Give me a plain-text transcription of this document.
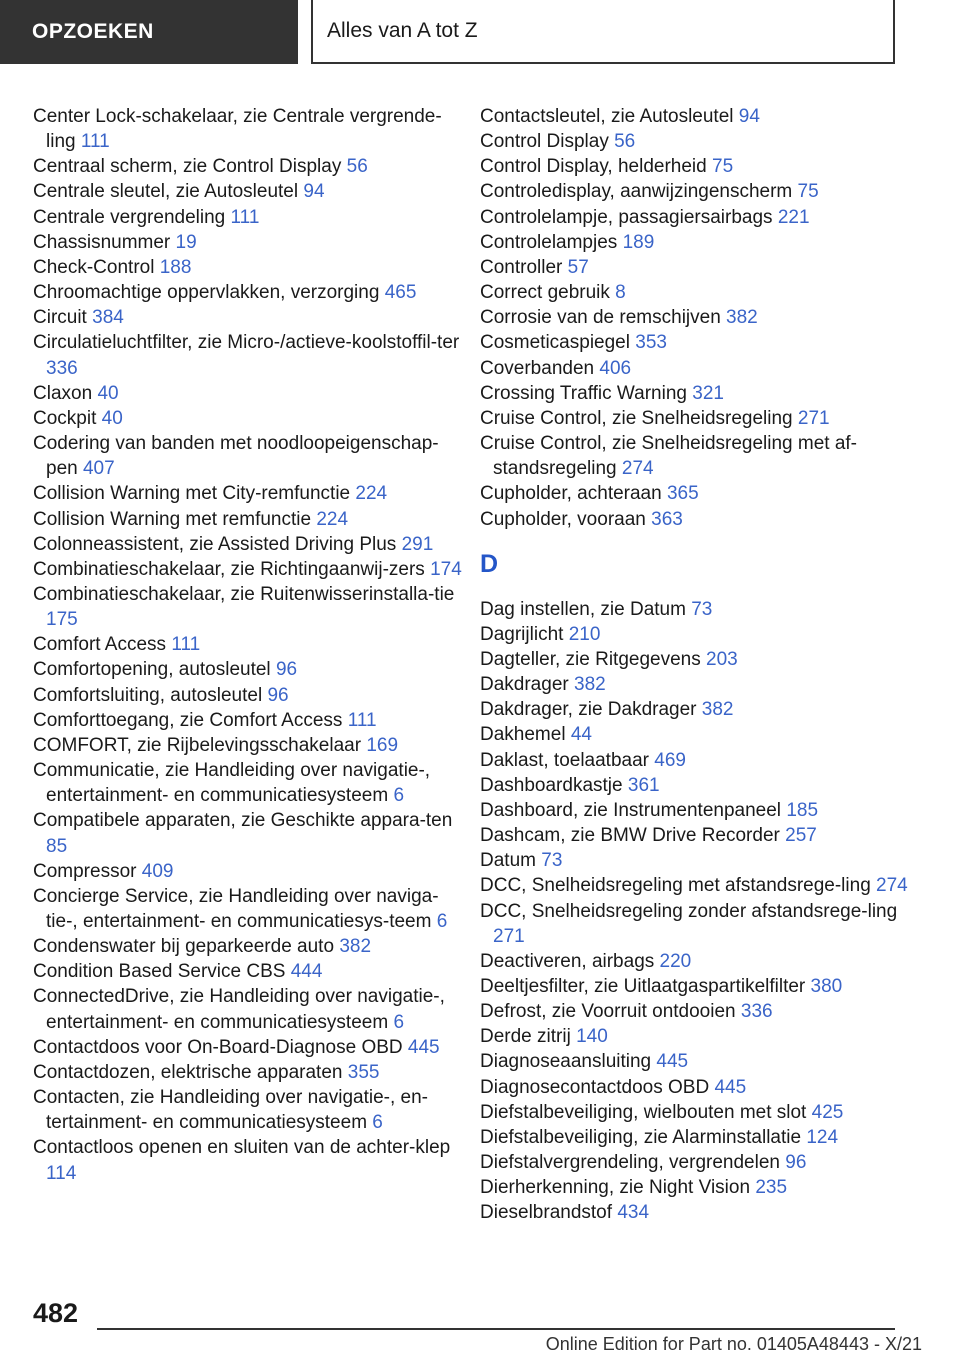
OPZOEKEN	Alles van A tot Z
Center Lock-schakelaar, zie Centrale vergrende-ling 111
Centraal scherm, zie Control Display 56
Centrale sleutel, zie Autosleutel 94
Centrale vergrendeling 111
Chassisnummer 19
Check-Control 188
Chroomachtige oppervlakken, verzorging 465
Circuit 384
Circulatieluchtfilter, zie Micro-/actieve-koolstoffil-ter 336
Claxon 40
Cockpit 40
Codering van banden met noodloopeigenschap-pen 407
Collision Warning met City-remfunctie 224
Collision Warning met remfunctie 224
Colonneassistent, zie Assisted Driving Plus 291
Combinatieschakelaar, zie Richtingaanwij-zers 174
Combinatieschakelaar, zie Ruitenwisserinstalla-tie 175
Comfort Access 111
Comfortopening, autosleutel 96
Comfortsluiting, autosleutel 96
Comforttoegang, zie Comfort Access 111
COMFORT, zie Rijbelevingsschakelaar 169
Communicatie, zie Handleiding over navigatie-, entertainment- en communicatiesysteem 6
Compatibele apparaten, zie Geschikte appara-ten 85
Compressor 409
Concierge Service, zie Handleiding over naviga-tie-, entertainment- en communicatiesys-teem 6
Condenswater bij geparkeerde auto 382
Condition Based Service CBS 444
ConnectedDrive, zie Handleiding over navigatie-, entertainment- en communicatiesysteem 6
Contactdoos voor On-Board-Diagnose OBD 445
Contactdozen, elektrische apparaten 355
Contacten, zie Handleiding over navigatie-, en-tertainment- en communicatiesysteem 6
Contactloos openen en sluiten van de achter-klep 114
Contactsleutel, zie Autosleutel 94
Control Display 56
Control Display, helderheid 75
Controledisplay, aanwijzingenscherm 75
Controlelampje, passagiersairbags 221
Controlelampjes 189
Controller 57
Correct gebruik 8
Corrosie van de remschijven 382
Cosmeticaspiegel 353
Coverbanden 406
Crossing Traffic Warning 321
Cruise Control, zie Snelheidsregeling 271
Cruise Control, zie Snelheidsregeling met af-standsregeling 274
Cupholder, achteraan 365
Cupholder, vooraan 363
D
Dag instellen, zie Datum 73
Dagrijlicht 210
Dagteller, zie Ritgegevens 203
Dakdrager 382
Dakdrager, zie Dakdrager 382
Dakhemel 44
Daklast, toelaatbaar 469
Dashboardkastje 361
Dashboard, zie Instrumentenpaneel 185
Dashcam, zie BMW Drive Recorder 257
Datum 73
DCC, Snelheidsregeling met afstandsrege-ling 274
DCC, Snelheidsregeling zonder afstandsrege-ling 271
Deactiveren, airbags 220
Deeltjesfilter, zie Uitlaatgaspartikelfilter 380
Defrost, zie Voorruit ontdooien 336
Derde zitrij 140
Diagnoseaansluiting 445
Diagnosecontactdoos OBD 445
Diefstalbeveiliging, wielbouten met slot 425
Diefstalbeveiliging, zie Alarminstallatie 124
Diefstalvergrendeling, vergrendelen 96
Dierherkenning, zie Night Vision 235
Dieselbrandstof 434
482
Online Edition for Part no. 01405A48443 - X/21
